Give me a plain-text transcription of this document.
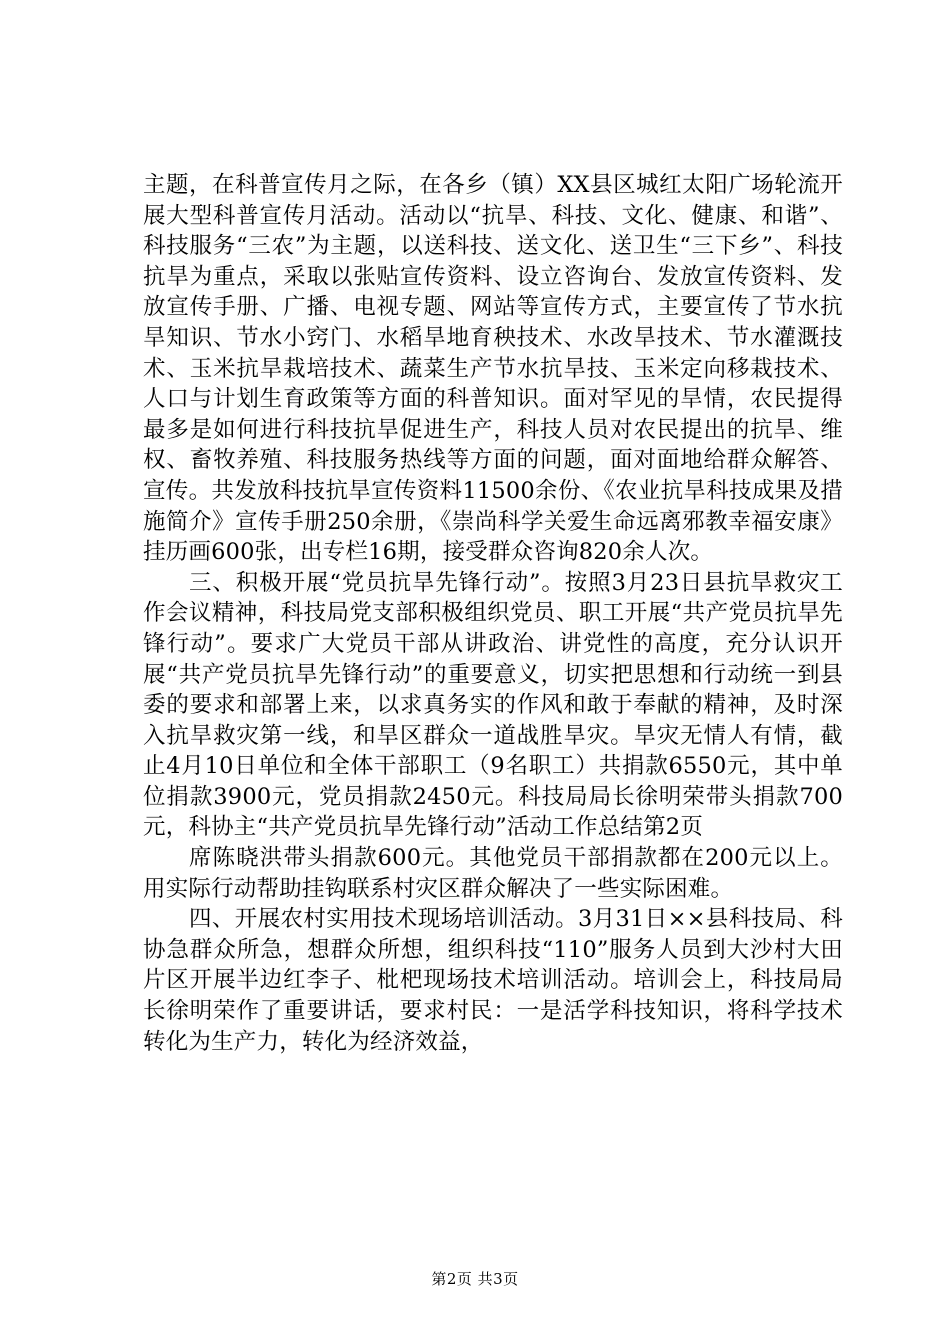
主题，在科普宣传月之际，在各乡（镇）XX县区城红太阳广场轮流开展大型科普宣传月活动。活动以“抗旱、科技、文化、健康、和谐”、科技服务“三农”为主题，以送科技、送文化、送卫生“三下乡”、科技抗旱为重点，采取以张贴宣传资料、设立咨询台、发放宣传资料、发放宣传手册、广播、电视专题、网站等宣传方式，主要宣传了节水抗旱知识、节水小窍门、水稻旱地育秧技术、水改旱技术、节水灌溉技术、玉米抗旱栽培技术、蔬菜生产节水抗旱技、玉米定向移栽技术、人口与计划生育政策等方面的科普知识。面对罕见的旱情，农民提得最多是如何进行科技抗旱促进生产，科技人员对农民提出的抗旱、维权、畜牧养殖、科技服务热线等方面的问题，面对面地给群众解答、宣传。共发放科技抗旱宣传资料11500余份、《农业抗旱科技成果及措施简介》宣传手册250余册，《崇尚科学关爱生命远离邪教幸福安康》挂历画600张，出专栏16期，接受群众咨询820余人次。

三、积极开展“党员抗旱先锋行动”。按照3月23日县抗旱救灾工作会议精神，科技局党支部积极组织党员、职工开展“共产党员抗旱先锋行动”。要求广大党员干部从讲政治、讲党性的高度，充分认识开展“共产党员抗旱先锋行动”的重要意义，切实把思想和行动统一到县委的要求和部署上来，以求真务实的作风和敢于奉献的精神，及时深入抗旱救灾第一线，和旱区群众一道战胜旱灾。旱灾无情人有情，截止4月10日单位和全体干部职工（9名职工）共捐款6550元，其中单位捐款3900元，党员捐款2450元。科技局局长徐明荣带头捐款700元，科协主“共产党员抗旱先锋行动”活动工作总结第2页

席陈晓洪带头捐款600元。其他党员干部捐款都在200元以上。用实际行动帮助挂钩联系村灾区群众解决了一些实际困难。

四、开展农村实用技术现场培训活动。3月31日××县科技局、科协急群众所急，想群众所想，组织科技“110”服务人员到大沙村大田片区开展半边红李子、枇杷现场技术培训活动。培训会上，科技局局长徐明荣作了重要讲话，要求村民：一是活学科技知识，将科学技术转化为生产力，转化为经济效益，

第2页 共3页
